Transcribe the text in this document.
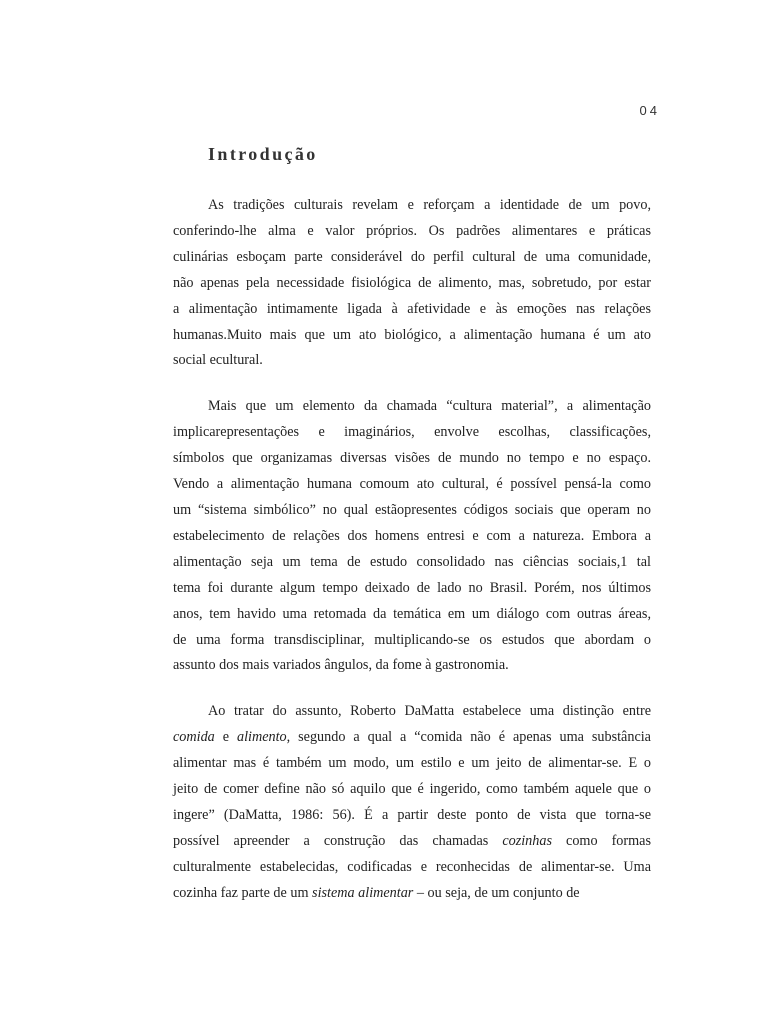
04
Introdução

As tradições culturais revelam e reforçam a identidade de um povo,
conferindo-lhe alma e valor próprios. Os padrões alimentares e práticas
culinárias esboçam parte considerável do perfil cultural de uma comunidade,
não apenas pela necessidade fisiológica de alimento, mas, sobretudo, por estar
a alimentação intimamente ligada à afetividade e às emoções nas relações
humanas.Muito mais que um ato biológico, a alimentação humana é um ato
social ecultural.

Mais que um elemento da chamada “cultura material”, a alimentação
implicarepresentações e imaginários, envolve escolhas, classificações,
símbolos que organizamas diversas visões de mundo no tempo e no espaço.
Vendo a alimentação humana comoum ato cultural, é possível pensá-la como
um “sistema simbólico” no qual estãopresentes códigos sociais que operam no
estabelecimento de relações dos homens entresi e com a natureza. Embora a
alimentação seja um tema de estudo consolidado nas ciências sociais,1 tal
tema foi durante algum tempo deixado de lado no Brasil. Porém, nos últimos
anos, tem havido uma retomada da temática em um diálogo com outras áreas,
de uma forma transdisciplinar, multiplicando-se os estudos que abordam o
assunto dos mais variados ângulos, da fome à gastronomia.

Ao tratar do assunto, Roberto DaMatta estabelece uma distinção entre
comida e alimento, segundo a qual a “comida não é apenas uma substância
alimentar mas é também um modo, um estilo e um jeito de alimentar-se. E o
jeito de comer define não só aquilo que é ingerido, como também aquele que o
ingere” (DaMatta, 1986: 56). É a partir deste ponto de vista que torna-se
possível apreender a construção das chamadas cozinhas como formas
culturalmente estabelecidas, codificadas e reconhecidas de alimentar-se. Uma
cozinha faz parte de um sistema alimentar – ou seja, de um conjunto de
